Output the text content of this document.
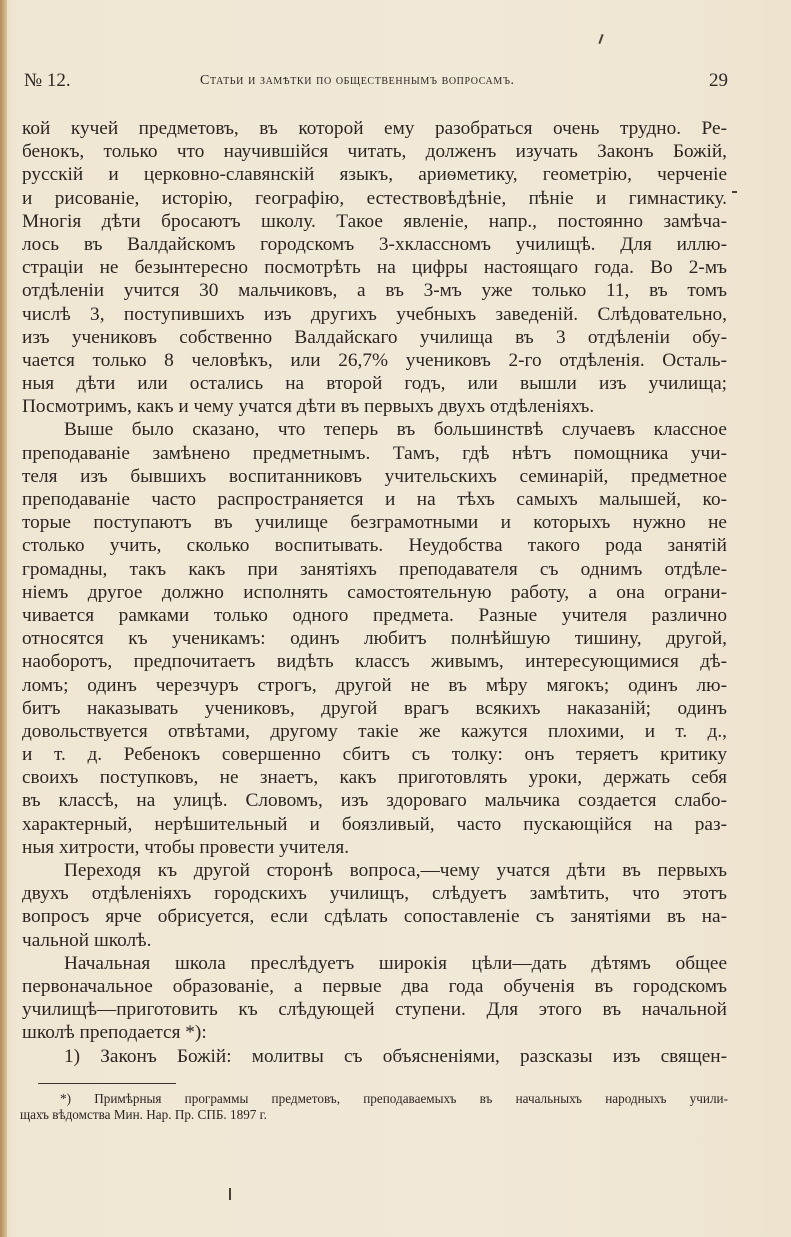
№ 12.	Статьи и замѣтки по общественнымъ вопросамъ.	29
кой кучей предметовъ, въ которой ему разобраться очень трудно. Ре-
бенокъ, только что научившійся читать, долженъ изучать Законъ Божій,
русскій и церковно-славянскій языкъ, ариѳметику, геометрію, черченіе
и рисованіе, исторію, географію, естествовѣдѣніе, пѣніе и гимнастику.
Многія дѣти бросаютъ школу. Такое явленіе, напр., постоянно замѣча-
лось въ Валдайскомъ городскомъ 3-хклассномъ училищѣ. Для иллю-
страціи не безынтересно посмотрѣть на цифры настоящаго года. Во 2-мъ
отдѣленіи учится 30 мальчиковъ, а въ 3-мъ уже только 11, въ томъ
числѣ 3, поступившихъ изъ другихъ учебныхъ заведеній. Слѣдовательно,
изъ учениковъ собственно Валдайскаго училища въ 3 отдѣленіи обу-
чается только 8 человѣкъ, или 26,7% учениковъ 2-го отдѣленія. Осталь-
ныя дѣти или остались на второй годъ, или вышли изъ училища;
Посмотримъ, какъ и чему учатся дѣти въ первыхъ двухъ отдѣленіяхъ.
Выше было сказано, что теперь въ большинствѣ случаевъ классное
преподаваніе замѣнено предметнымъ. Тамъ, гдѣ нѣтъ помощника учи-
теля изъ бывшихъ воспитанниковъ учительскихъ семинарій, предметное
преподаваніе часто распространяется и на тѣхъ самыхъ малышей, ко-
торые поступаютъ въ училище безграмотными и которыхъ нужно не
столько учить, сколько воспитывать. Неудобства такого рода занятій
громадны, такъ какъ при занятіяхъ преподавателя съ однимъ отдѣле-
ніемъ другое должно исполнять самостоятельную работу, а она ограни-
чивается рамками только одного предмета. Разные учителя различно
относятся къ ученикамъ: одинъ любитъ полнѣйшую тишину, другой,
наоборотъ, предпочитаетъ видѣть классъ живымъ, интересующимися дѣ-
ломъ; одинъ черезчуръ строгъ, другой не въ мѣру мягокъ; одинъ лю-
битъ наказывать учениковъ, другой врагъ всякихъ наказаній; одинъ
довольствуется отвѣтами, другому такіе же кажутся плохими, и т. д.,
и т. д. Ребенокъ совершенно сбитъ съ толку: онъ теряетъ критику
своихъ поступковъ, не знаетъ, какъ приготовлять уроки, держать себя
въ классѣ, на улицѣ. Словомъ, изъ здороваго мальчика создается слабо-
характерный, нерѣшительный и боязливый, часто пускающійся на раз-
ныя хитрости, чтобы провести учителя.
Переходя къ другой сторонѣ вопроса,—чему учатся дѣти въ первыхъ
двухъ отдѣленіяхъ городскихъ училищъ, слѣдуетъ замѣтить, что этотъ
вопросъ ярче обрисуется, если сдѣлать сопоставленіе съ занятіями въ на-
чальной школѣ.
Начальная школа преслѣдуетъ широкія цѣли—дать дѣтямъ общее
первоначальное образованіе, а первые два года обученія въ городскомъ
училищѣ—приготовить къ слѣдующей ступени. Для этого въ начальной
школѣ преподается *):
1) Законъ Божій: молитвы съ объясненіями, разсказы изъ священ-
*) Примѣрныя программы предметовъ, преподаваемыхъ въ начальныхъ народныхъ учили-
щахъ вѣдомства Мин. Нар. Пр. СПБ. 1897 г.
